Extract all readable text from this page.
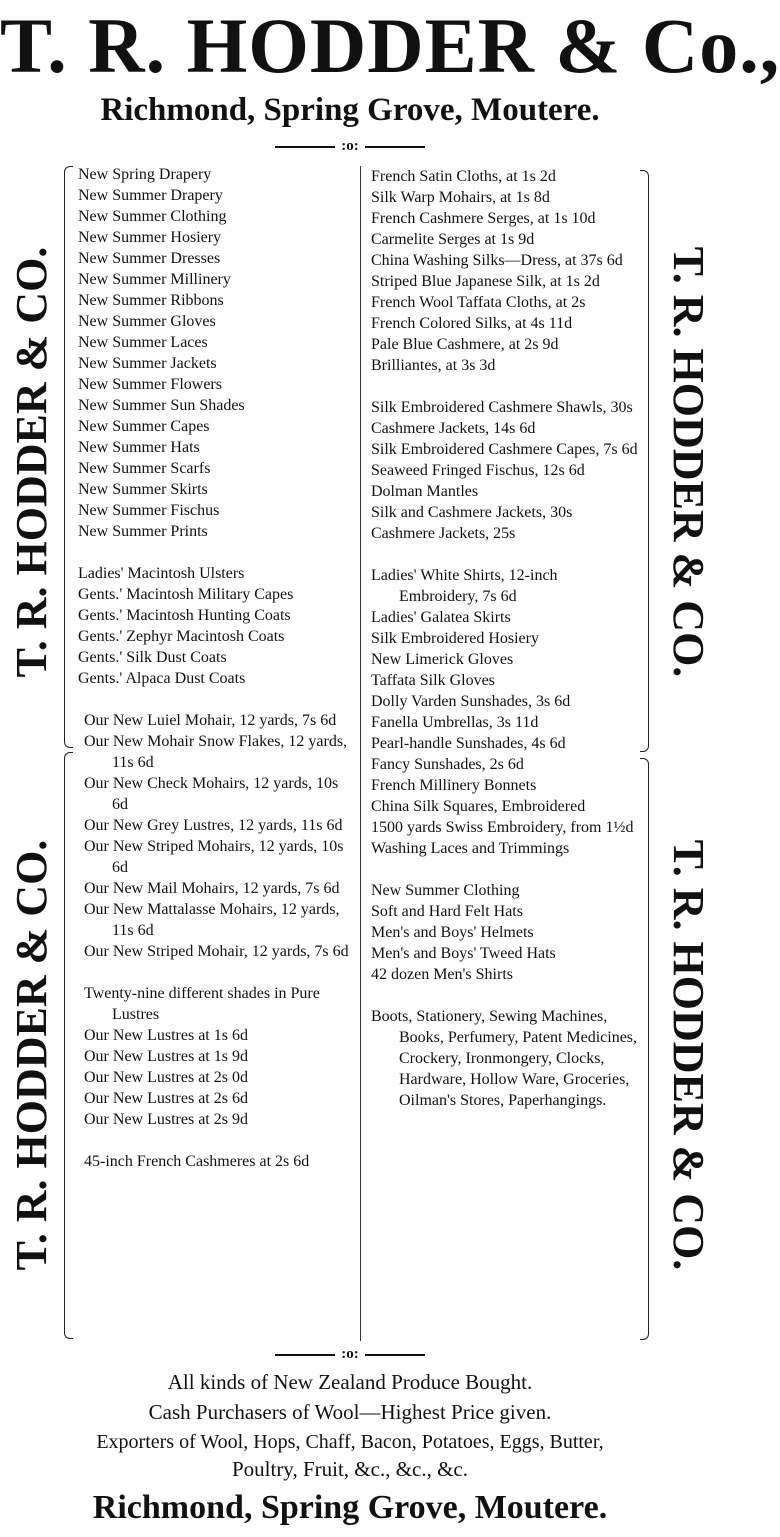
T. R. HODDER & Co.,
Richmond, Spring Grove, Moutere.
:o:
T. R. HODDER & CO.
T. R. HODDER & CO.
T. R. HODDER & CO.
T. R. HODDER & CO.
New Spring Drapery
New Summer Drapery
New Summer Clothing
New Summer Hosiery
New Summer Dresses
New Summer Millinery
New Summer Ribbons
New Summer Gloves
New Summer Laces
New Summer Jackets
New Summer Flowers
New Summer Sun Shades
New Summer Capes
New Summer Hats
New Summer Scarfs
New Summer Skirts
New Summer Fischus
New Summer Prints
Ladies' Macintosh Ulsters
Gents.' Macintosh Military Capes
Gents.' Macintosh Hunting Coats
Gents.' Zephyr Macintosh Coats
Gents.' Silk Dust Coats
Gents.' Alpaca Dust Coats
Our New Luiel Mohair, 12 yards, 7s 6d
Our New Mohair Snow Flakes, 12 yards, 11s 6d
Our New Check Mohairs, 12 yards, 10s 6d
Our New Grey Lustres, 12 yards, 11s 6d
Our New Striped Mohairs, 12 yards, 10s 6d
Our New Mail Mohairs, 12 yards, 7s 6d
Our New Mattalasse Mohairs, 12 yards, 11s 6d
Our New Striped Mohair, 12 yards, 7s 6d
Twenty-nine different shades in Pure Lustres
Our New Lustres at 1s 6d
Our New Lustres at 1s 9d
Our New Lustres at 2s 0d
Our New Lustres at 2s 6d
Our New Lustres at 2s 9d
45-inch French Cashmeres at 2s 6d
French Satin Cloths, at 1s 2d
Silk Warp Mohairs, at 1s 8d
French Cashmere Serges, at 1s 10d
Carmelite Serges at 1s 9d
China Washing Silks—Dress, at 37s 6d
Striped Blue Japanese Silk, at 1s 2d
French Wool Taffata Cloths, at 2s
French Colored Silks, at 4s 11d
Pale Blue Cashmere, at 2s 9d
Brilliantes, at 3s 3d
Silk Embroidered Cashmere Shawls, 30s
Cashmere Jackets, 14s 6d
Silk Embroidered Cashmere Capes, 7s 6d
Seaweed Fringed Fischus, 12s 6d
Dolman Mantles
Silk and Cashmere Jackets, 30s
Cashmere Jackets, 25s
Ladies' White Shirts, 12-inch Embroidery, 7s 6d
Ladies' Galatea Skirts
Silk Embroidered Hosiery
New Limerick Gloves
Taffata Silk Gloves
Dolly Varden Sunshades, 3s 6d
Fanella Umbrellas, 3s 11d
Pearl-handle Sunshades, 4s 6d
Fancy Sunshades, 2s 6d
French Millinery Bonnets
China Silk Squares, Embroidered
1500 yards Swiss Embroidery, from 1½d
Washing Laces and Trimmings
New Summer Clothing
Soft and Hard Felt Hats
Men's and Boys' Helmets
Men's and Boys' Tweed Hats
42 dozen Men's Shirts
Boots, Stationery, Sewing Machines, Books, Perfumery, Patent Medicines, Crockery, Ironmongery, Clocks, Hardware, Hollow Ware, Groceries, Oilman's Stores, Paperhangings.
:o:
All kinds of New Zealand Produce Bought.
Cash Purchasers of Wool—Highest Price given.
Exporters of Wool, Hops, Chaff, Bacon, Potatoes, Eggs, Butter,
Poultry, Fruit, &c., &c., &c.
Richmond, Spring Grove, Moutere.
